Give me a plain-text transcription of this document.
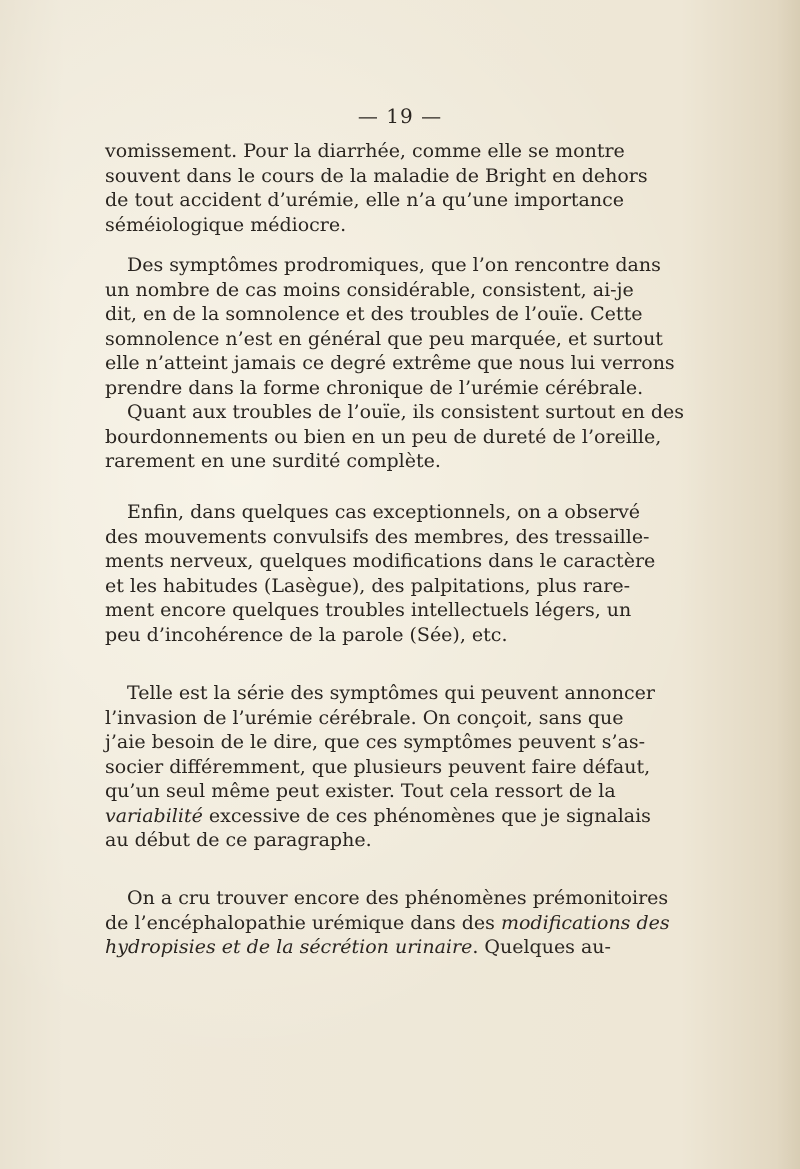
— 19 —
vomissement. Pour la diarrhée, comme elle se montre
souvent dans le cours de la maladie de Bright en dehors
de tout accident d’urémie, elle n’a qu’une importance
séméiologique médiocre.
Des symptômes prodromiques, que l’on rencontre dans
un nombre de cas moins considérable, consistent, ai-je
dit, en de la somnolence et des troubles de l’ouïe. Cette
somnolence n’est en général que peu marquée, et surtout
elle n’atteint jamais ce degré extrême que nous lui verrons
prendre dans la forme chronique de l’urémie cérébrale.
Quant aux troubles de l’ouïe, ils consistent surtout en des
bourdonnements ou bien en un peu de dureté de l’oreille,
rarement en une surdité complète.
Enfin, dans quelques cas exceptionnels, on a observé
des mouvements convulsifs des membres, des tressaille-
ments nerveux, quelques modifications dans le caractère
et les habitudes (Lasègue), des palpitations, plus rare-
ment encore quelques troubles intellectuels légers, un
peu d’incohérence de la parole (Sée), etc.
Telle est la série des symptômes qui peuvent annoncer
l’invasion de l’urémie cérébrale. On conçoit, sans que
j’aie besoin de le dire, que ces symptômes peuvent s’as-
socier différemment, que plusieurs peuvent faire défaut,
qu’un seul même peut exister. Tout cela ressort de la
variabilité excessive de ces phénomènes que je signalais
au début de ce paragraphe.
On a cru trouver encore des phénomènes prémonitoires
de l’encéphalopathie urémique dans des modifications des
hydropisies et de la sécrétion urinaire. Quelques au-
